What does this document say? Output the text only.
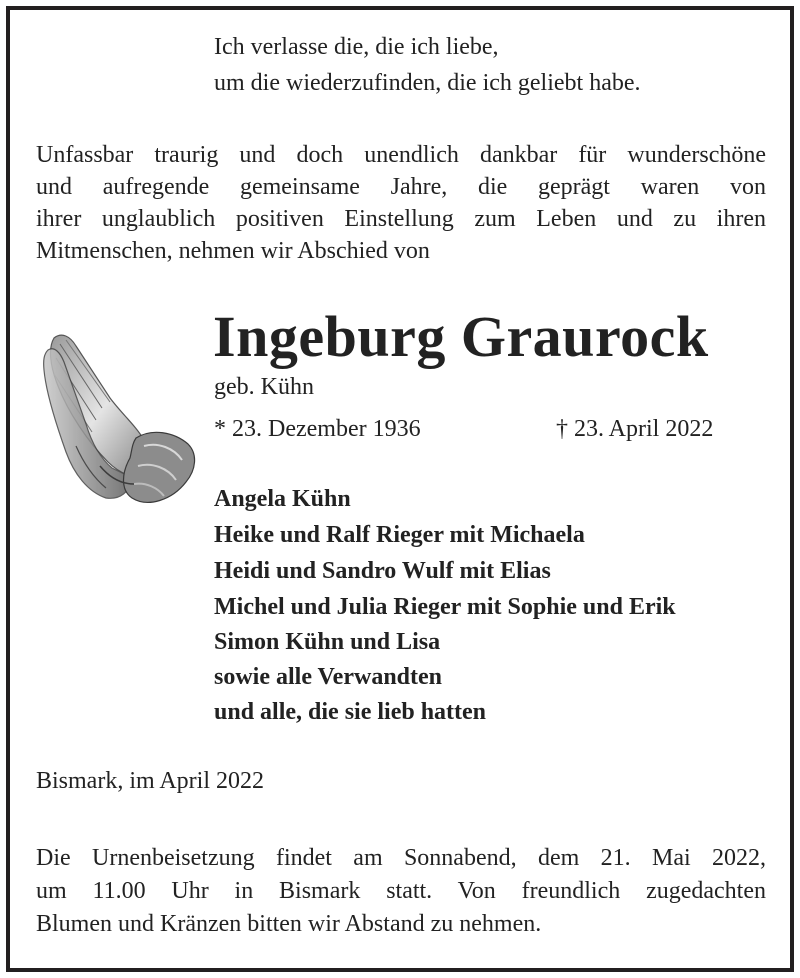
Ich verlasse die, die ich liebe,
um die wiederzufinden, die ich geliebt habe.
Unfassbar traurig und doch unendlich dankbar für wunderschöne
und aufregende gemeinsame Jahre, die geprägt waren von
ihrer unglaublich positiven Einstellung zum Leben und zu ihren
Mitmenschen, nehmen wir Abschied von
Ingeburg Graurock
geb. Kühn
* 23. Dezember 1936	† 23. April 2022
Angela Kühn
Heike und Ralf Rieger mit Michaela
Heidi und Sandro Wulf mit Elias
Michel und Julia Rieger mit Sophie und Erik
Simon Kühn und Lisa
sowie alle Verwandten
und alle, die sie lieb hatten
Bismark, im April 2022
Die Urnenbeisetzung findet am Sonnabend, dem 21. Mai 2022,
um 11.00 Uhr in Bismark statt. Von freundlich zugedachten
Blumen und Kränzen bitten wir Abstand zu nehmen.
